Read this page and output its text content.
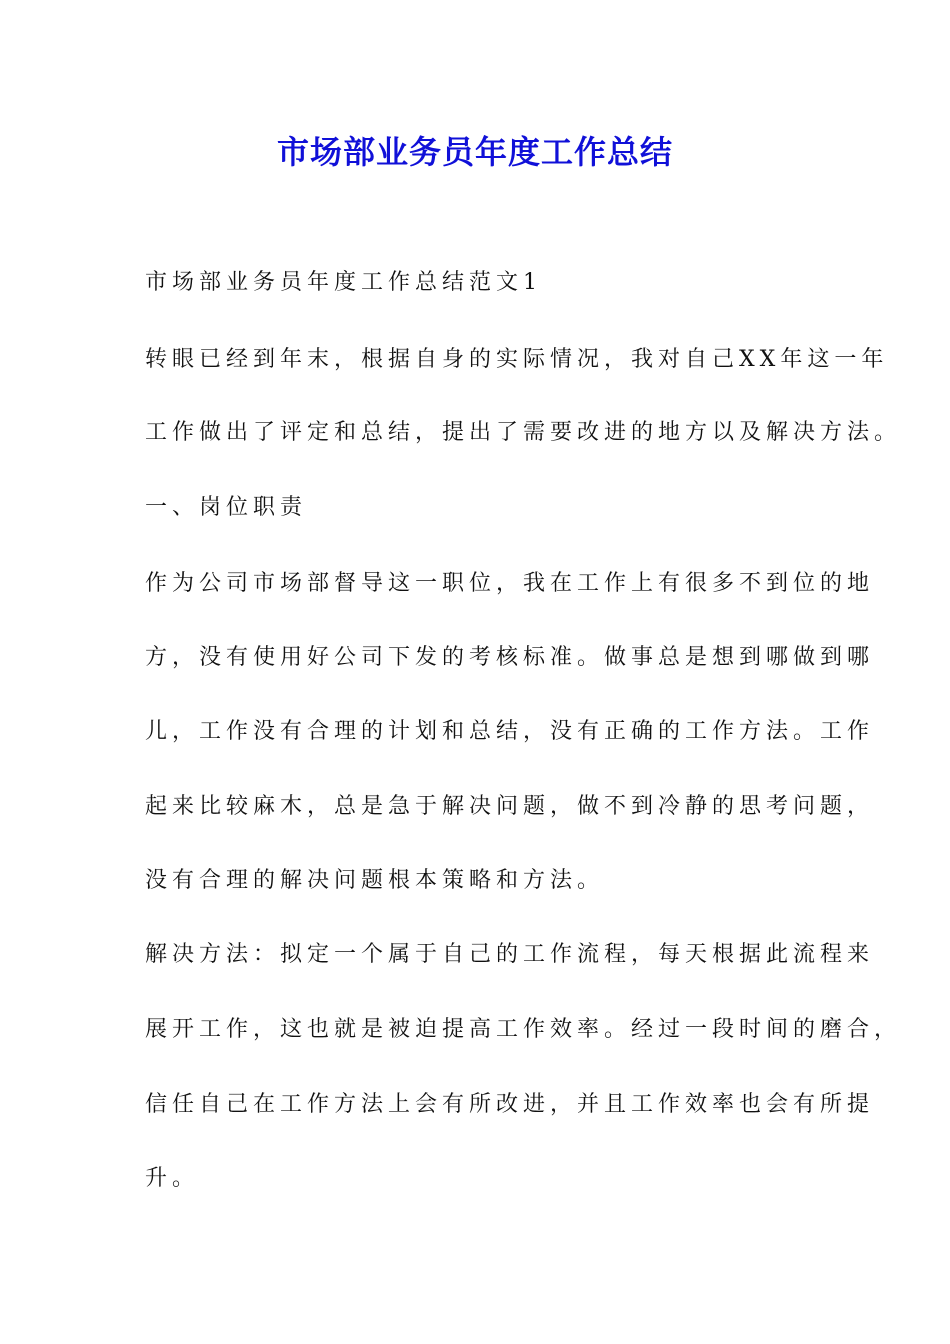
市场部业务员年度工作总结

市场部业务员年度工作总结范文1

转眼已经到年末，根据自身的实际情况，我对自己XX年这一年

工作做出了评定和总结，提出了需要改进的地方以及解决方法。

一、岗位职责

作为公司市场部督导这一职位，我在工作上有很多不到位的地

方，没有使用好公司下发的考核标准。做事总是想到哪做到哪

儿，工作没有合理的计划和总结，没有正确的工作方法。工作

起来比较麻木，总是急于解决问题，做不到冷静的思考问题，

没有合理的解决问题根本策略和方法。

解决方法：拟定一个属于自己的工作流程，每天根据此流程来

展开工作，这也就是被迫提高工作效率。经过一段时间的磨合，

信任自己在工作方法上会有所改进，并且工作效率也会有所提

升。
